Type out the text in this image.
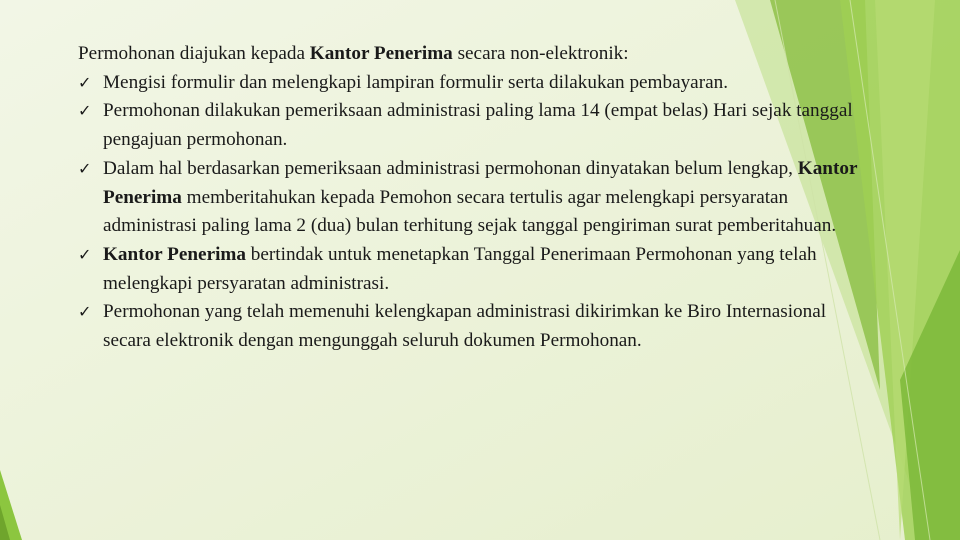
Permohonan diajukan kepada Kantor Penerima secara non-elektronik:

✓ Mengisi formulir dan melengkapi lampiran formulir serta dilakukan pembayaran.
✓ Permohonan dilakukan pemeriksaan administrasi paling lama 14 (empat belas) Hari sejak tanggal pengajuan permohonan.
✓ Dalam hal berdasarkan pemeriksaan administrasi permohonan dinyatakan belum lengkap, Kantor Penerima memberitahukan kepada Pemohon secara tertulis agar melengkapi persyaratan administrasi paling lama 2 (dua) bulan terhitung sejak tanggal pengiriman surat pemberitahuan.
✓ Kantor Penerima bertindak untuk menetapkan Tanggal Penerimaan Permohonan yang telah melengkapi persyaratan administrasi.
✓ Permohonan yang telah memenuhi kelengkapan administrasi dikirimkan ke Biro Internasional secara elektronik dengan mengunggah seluruh dokumen Permohonan.
